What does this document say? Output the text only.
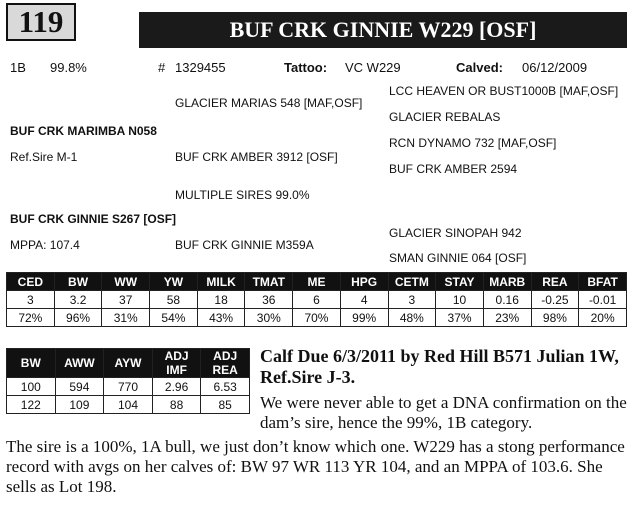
119	BUF CRK GINNIE W229 [OSF]
1B 99.8%	# 1329455	Tattoo: VC W229	Calved: 06/12/2009
LCC HEAVEN OR BUST1000B [MAF,OSF]
GLACIER MARIAS 548 [MAF,OSF]
GLACIER REBALAS
BUF CRK MARIMBA N058
RCN DYNAMO 732 [MAF,OSF]
Ref.Sire M-1	BUF CRK AMBER 3912 [OSF]
BUF CRK AMBER 2594
MULTIPLE SIRES 99.0%
BUF CRK GINNIE S267 [OSF]
GLACIER SINOPAH 942
MPPA: 107.4	BUF CRK GINNIE M359A
SMAN GINNIE 064 [OSF]
CED	BW	WW	YW	MILK	TMAT	ME	HPG	CETM	STAY	MARB	REA	BFAT
3	3.2	37	58	18	36	6	4	3	10	0.16	-0.25	-0.01
72%	96%	31%	54%	43%	30%	70%	99%	48%	37%	23%	98%	20%
BW	AWW	AYW	ADJ IMF	ADJ REA
100	594	770	2.96	6.53
122	109	104	88	85
Calf Due 6/3/2011 by Red Hill B571 Julian 1W, Ref.Sire J-3.
We were never able to get a DNA confirmation on the dam’s sire, hence the 99%, 1B category.
The sire is a 100%, 1A bull, we just don’t know which one. W229 has a stong performance record with avgs on her calves of: BW 97 WR 113 YR 104, and an MPPA of 103.6. She sells as Lot 198.
